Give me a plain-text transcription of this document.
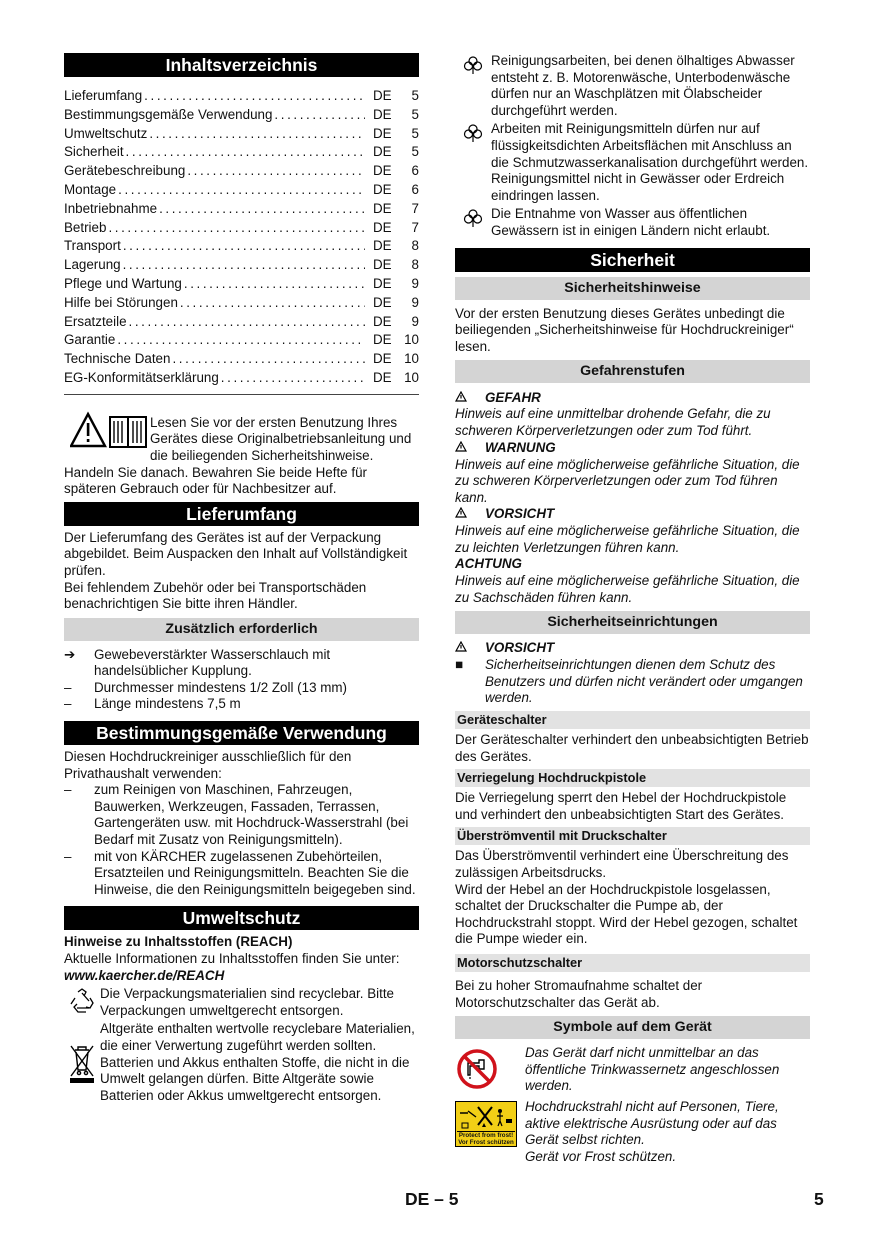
Inhaltsverzeichnis
Lieferumfang .....	DE	5
Bestimmungsgemäße Verwendung .....	DE	5
Umweltschutz .....	DE	5
Sicherheit .....	DE	5
Gerätebeschreibung .....	DE	6
Montage .....	DE	6
Inbetriebnahme .....	DE	7
Betrieb .....	DE	7
Transport .....	DE	8
Lagerung .....	DE	8
Pflege und Wartung .....	DE	9
Hilfe bei Störungen .....	DE	9
Ersatzteile .....	DE	9
Garantie .....	DE 10
Technische Daten .....	DE 10
EG-Konformitätserklärung .....	DE 10

Lesen Sie vor der ersten Benutzung Ihres Gerätes diese Originalbetriebsanleitung und die beiliegenden Sicherheitshinweise.

Handeln Sie danach. Bewahren Sie beide Hefte für späteren Gebrauch oder für Nachbesitzer auf.

Lieferumfang

Der Lieferumfang des Gerätes ist auf der Verpackung abgebildet. Beim Auspacken den Inhalt auf Vollständigkeit prüfen.

Bei fehlendem Zubehör oder bei Transportschäden benachrichtigen Sie bitte ihren Händler.

Zusätzlich erforderlich
➔	Gewebeverstärkter Wasserschlauch mit handelsüblicher Kupplung.
–	Durchmesser mindestens 1/2 Zoll (13 mm)
–	Länge mindestens 7,5 m
Bestimmungsgemäße Verwendung

Diesen Hochdruckreiniger ausschließlich für den Privathaushalt verwenden:

–	zum Reinigen von Maschinen, Fahrzeugen, Bauwerken, Werkzeugen, Fassaden, Terrassen, Gartengeräten usw. mit Hochdruck-Wasserstrahl (bei Bedarf mit Zusatz von Reinigungsmitteln).
–	mit von KÄRCHER zugelassenen Zubehörteilen, Ersatzteilen und Reinigungsmitteln. Beachten Sie die Hinweise, die den Reinigungsmitteln beigegeben sind.
Umweltschutz

Hinweise zu Inhaltsstoffen (REACH)

Aktuelle Informationen zu Inhaltsstoffen finden Sie unter:

www.kaercher.de/REACH

Die Verpackungsmaterialien sind recyclebar. Bitte Verpackungen umweltgerecht entsorgen.

Altgeräte enthalten wertvolle recyclebare Materialien, die einer Verwertung zugeführt werden sollten. Batterien und Akkus enthalten Stoffe, die nicht in die Umwelt gelangen dürfen. Bitte Altgeräte sowie Batterien oder Akkus umweltgerecht entsorgen.

Reinigungsarbeiten, bei denen ölhaltiges Abwasser entsteht z. B. Motorenwäsche, Unterbodenwäsche dürfen nur an Waschplätzen mit Ölabscheider durchgeführt werden.

Arbeiten mit Reinigungsmitteln dürfen nur auf flüssigkeitsdichten Arbeitsflächen mit Anschluss an die Schmutzwasserkanalisation durchgeführt werden. Reinigungsmittel nicht in Gewässer oder Erdreich eindringen lassen.

Die Entnahme von Wasser aus öffentlichen Gewässern ist in einigen Ländern nicht erlaubt.

Sicherheit
Sicherheitshinweise

Vor der ersten Benutzung dieses Gerätes unbedingt die beiliegenden „Sicherheitshinweise für Hochdruckreiniger“ lesen.

Gefahrenstufen
GEFAHR

Hinweis auf eine unmittelbar drohende Gefahr, die zu schweren Körperverletzungen oder zum Tod führt.

WARNUNG

Hinweis auf eine möglicherweise gefährliche Situation, die zu schweren Körperverletzungen oder zum Tod führen kann.

VORSICHT

Hinweis auf eine möglicherweise gefährliche Situation, die zu leichten Verletzungen führen kann.

ACHTUNG

Hinweis auf eine möglicherweise gefährliche Situation, die zu Sachschäden führen kann.

Sicherheitseinrichtungen
VORSICHT
■	Sicherheitseinrichtungen dienen dem Schutz des Benutzers und dürfen nicht verändert oder umgangen werden.
Geräteschalter

Der Geräteschalter verhindert den unbeabsichtigten Betrieb des Gerätes.

Verriegelung Hochdruckpistole

Die Verriegelung sperrt den Hebel der Hochdruckpistole und verhindert den unbeabsichtigten Start des Gerätes.

Überströmventil mit Druckschalter

Das Überströmventil verhindert eine Überschreitung des zulässigen Arbeitsdrucks.

Wird der Hebel an der Hochdruckpistole losgelassen, schaltet der Druckschalter die Pumpe ab, der Hochdruckstrahl stoppt. Wird der Hebel gezogen, schaltet die Pumpe wieder ein.

Motorschutzschalter

Bei zu hoher Stromaufnahme schaltet der Motorschutzschalter das Gerät ab.

Symbole auf dem Gerät

Das Gerät darf nicht unmittelbar an das öffentliche Trinkwassernetz angeschlossen werden.

Protect from frost!
Vor Frost schützen

Hochdruckstrahl nicht auf Personen, Tiere, aktive elektrische Ausrüstung oder auf das Gerät selbst richten.

Gerät vor Frost schützen.

DE – 5	5
